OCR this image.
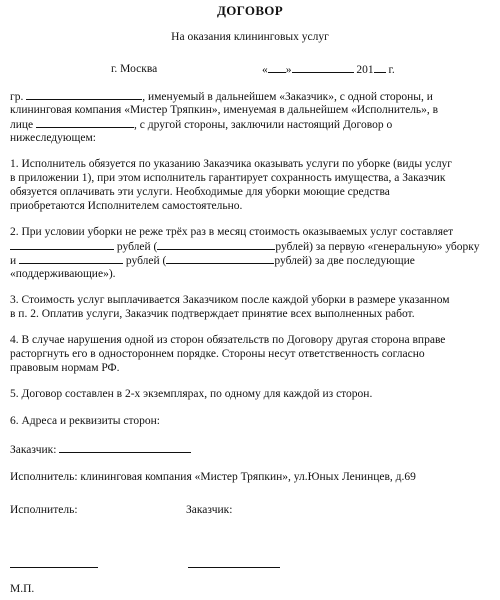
ДОГОВОР
На оказания клининговых услуг
г. Москва	« »	201 г.
гр.	, именуемый в дальнейшем «Заказчик», с одной стороны, и
клининговая компания «Мистер Тряпкин», именуемая в дальнейшем «Исполнитель», в
лице	, с другой стороны, заключили настоящий Договор о
нижеследующем:
1. Исполнитель обязуется по указанию Заказчика оказывать услуги по уборке (виды услуг
в приложении 1), при этом исполнитель гарантирует сохранность имущества, а Заказчик
обязуется оплачивать эти услуги. Необходимые для уборки моющие средства
приобретаются Исполнителем самостоятельно.
2. При условии уборки не реже трёх раз в месяц стоимость оказываемых услуг составляет
рублей (	рублей) за первую «генеральную» уборку
и	рублей (	рублей) за две последующие
«поддерживающие»).
3. Стоимость услуг выплачивается Заказчиком после каждой уборки в размере указанном
в п. 2. Оплатив услуги, Заказчик подтверждает принятие всех выполненных работ.
4. В случае нарушения одной из сторон обязательств по Договору другая сторона вправе
расторгнуть его в одностороннем порядке. Стороны несут ответственность согласно
правовым нормам РФ.
5. Договор составлен в 2-х экземплярах, по одному для каждой из сторон.
6. Адреса и реквизиты сторон:
Заказчик:
Исполнитель: клининговая компания «Мистер Тряпкин», ул.Юных Ленинцев, д.69
Исполнитель:	Заказчик:
М.П.
